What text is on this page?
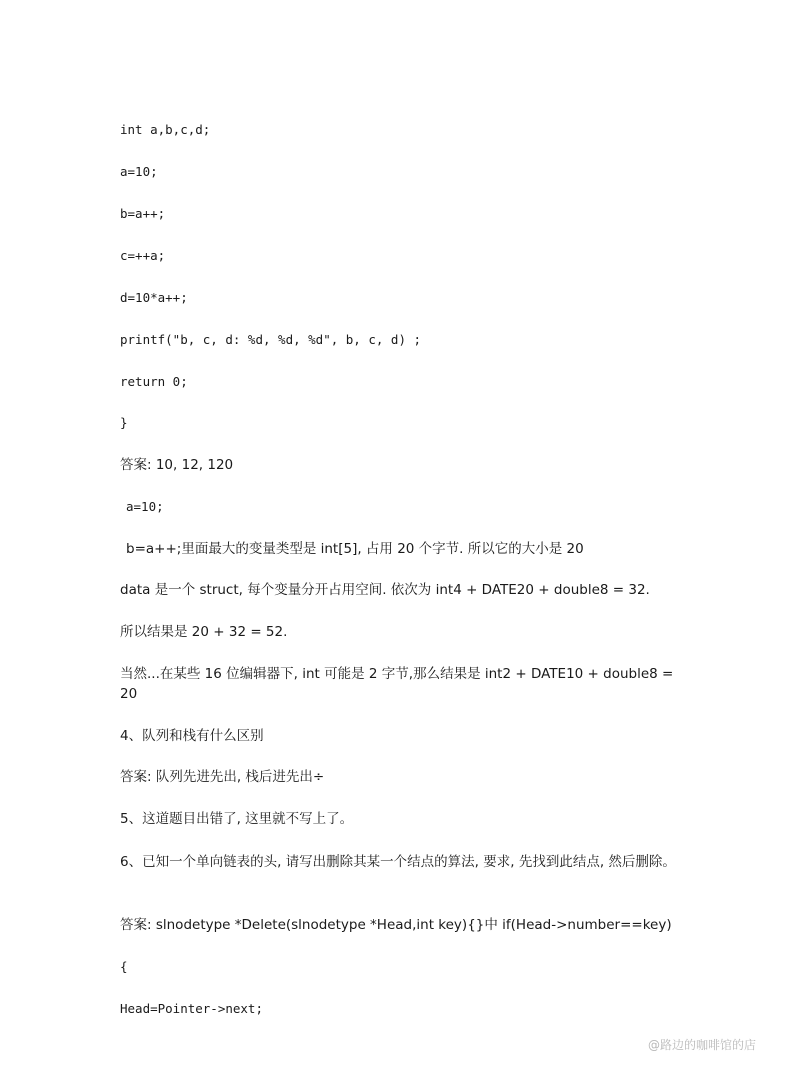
int a,b,c,d;
a=10;
b=a++;
c=++a;
d=10*a++;
printf("b, c, d: %d, %d, %d", b, c, d) ;
return 0;
}
答案: 10, 12, 120
a=10;
b=a++;里面最大的变量类型是 int[5], 占用 20 个字节. 所以它的大小是 20
data 是一个 struct, 每个变量分开占用空间. 依次为 int4 + DATE20 + double8 = 32.
所以结果是 20 + 32 = 52.
当然...在某些 16 位编辑器下, int 可能是 2 字节,那么结果是 int2 + DATE10 + double8 = 20
4、队列和栈有什么区别
答案: 队列先进先出, 栈后进先出÷
5、这道题目出错了, 这里就不写上了。
6、已知一个单向链表的头, 请写出删除其某一个结点的算法, 要求, 先找到此结点, 然后删除。
答案: slnodetype *Delete(slnodetype *Head,int key){}中 if(Head->number==key)
{
Head=Pointer->next;
@路边的咖啡馆的店
